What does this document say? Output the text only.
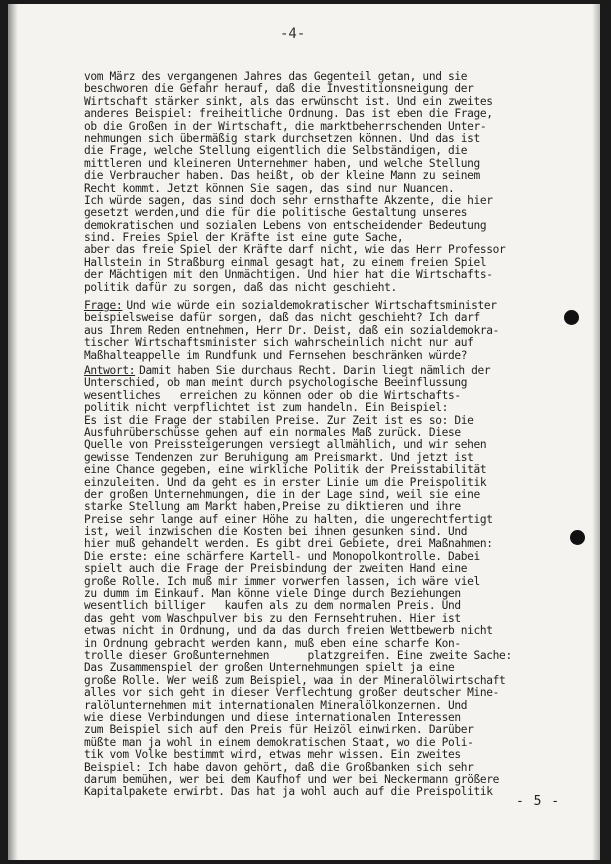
-4-
vom März des vergangenen Jahres das Gegenteil getan, und sie
beschworen die Gefahr herauf, daß die Investitionsneigung der
Wirtschaft stärker sinkt, als das erwünscht ist. Und ein zweites
anderes Beispiel: freiheitliche Ordnung. Das ist eben die Frage,
ob die Großen in der Wirtschaft, die marktbeherrschenden Unter-
nehmungen sich übermäßig stark durchsetzen können. Und das ist
die Frage, welche Stellung eigentlich die Selbständigen, die
mittleren und kleineren Unternehmer haben, und welche Stellung
die Verbraucher haben. Das heißt, ob der kleine Mann zu seinem
Recht kommt. Jetzt können Sie sagen, das sind nur Nuancen.
Ich würde sagen, das sind doch sehr ernsthafte Akzente, die hier
gesetzt werden,und die für die politische Gestaltung unseres
demokratischen und sozialen Lebens von entscheidender Bedeutung
sind. Freies Spiel der Kräfte ist eine gute Sache,
aber das freie Spiel der Kräfte darf nicht, wie das Herr Professor
Hallstein in Straßburg einmal gesagt hat, zu einem freien Spiel
der Mächtigen mit den Unmächtigen. Und hier hat die Wirtschafts-
politik dafür zu sorgen, daß das nicht geschieht.
Frage: Und wie würde ein sozialdemokratischer Wirtschaftsminister
beispielsweise dafür sorgen, daß das nicht geschieht? Ich darf
aus Ihrem Reden entnehmen, Herr Dr. Deist, daß ein sozialdemokra-
tischer Wirtschaftsminister sich wahrscheinlich nicht nur auf
Maßhalteappelle im Rundfunk und Fernsehen beschränken würde?
Antwort: Damit haben Sie durchaus Recht. Darin liegt nämlich der
Unterschied, ob man meint durch psychologische Beeinflussung
wesentliches   erreichen zu können oder ob die Wirtschafts-
politik nicht verpflichtet ist zum handeln. Ein Beispiel:
Es ist die Frage der stabilen Preise. Zur Zeit ist es so: Die
Ausfuhrüberschüsse gehen auf ein normales Maß zurück. Diese
Quelle von Preissteigerungen versiegt allmählich, und wir sehen
gewisse Tendenzen zur Beruhigung am Preismarkt. Und jetzt ist
eine Chance gegeben, eine wirkliche Politik der Preisstabilität
einzuleiten. Und da geht es in erster Linie um die Preispolitik
der großen Unternehmungen, die in der Lage sind, weil sie eine
starke Stellung am Markt haben,Preise zu diktieren und ihre
Preise sehr lange auf einer Höhe zu halten, die ungerechtfertigt
ist, weil inzwischen die Kosten bei ihnen gesunken sind. Und
hier muß gehandelt werden. Es gibt drei Gebiete, drei Maßnahmen:
Die erste: eine schärfere Kartell- und Monopolkontrolle. Dabei
spielt auch die Frage der Preisbindung der zweiten Hand eine
große Rolle. Ich muß mir immer vorwerfen lassen, ich wäre viel
zu dumm im Einkauf. Man könne viele Dinge durch Beziehungen
wesentlich billiger   kaufen als zu dem normalen Preis. Und
das geht vom Waschpulver bis zu den Fernsehtruhen. Hier ist
etwas nicht in Ordnung, und da das durch freien Wettbewerb nicht
in Ordnung gebracht werden kann, muß eben eine scharfe Kon-
trolle dieser Großunternehmen      platzgreifen. Eine zweite Sache:
Das Zusammenspiel der großen Unternehmungen spielt ja eine
große Rolle. Wer weiß zum Beispiel, waa in der Mineralölwirtschaft
alles vor sich geht in dieser Verflechtung großer deutscher Mine-
ralölunternehmen mit internationalen Mineralölkonzernen. Und
wie diese Verbindungen und diese internationalen Interessen
zum Beispiel sich auf den Preis für Heizöl einwirken. Darüber
müßte man ja wohl in einem demokratischen Staat, wo die Poli-
tik vom Volke bestimmt wird, etwas mehr wissen. Ein zweites
Beispiel: Ich habe davon gehört, daß die Großbanken sich sehr
darum bemühen, wer bei dem Kaufhof und wer bei Neckermann größere
Kapitalpakete erwirbt. Das hat ja wohl auch auf die Preispolitik
- 5 -
